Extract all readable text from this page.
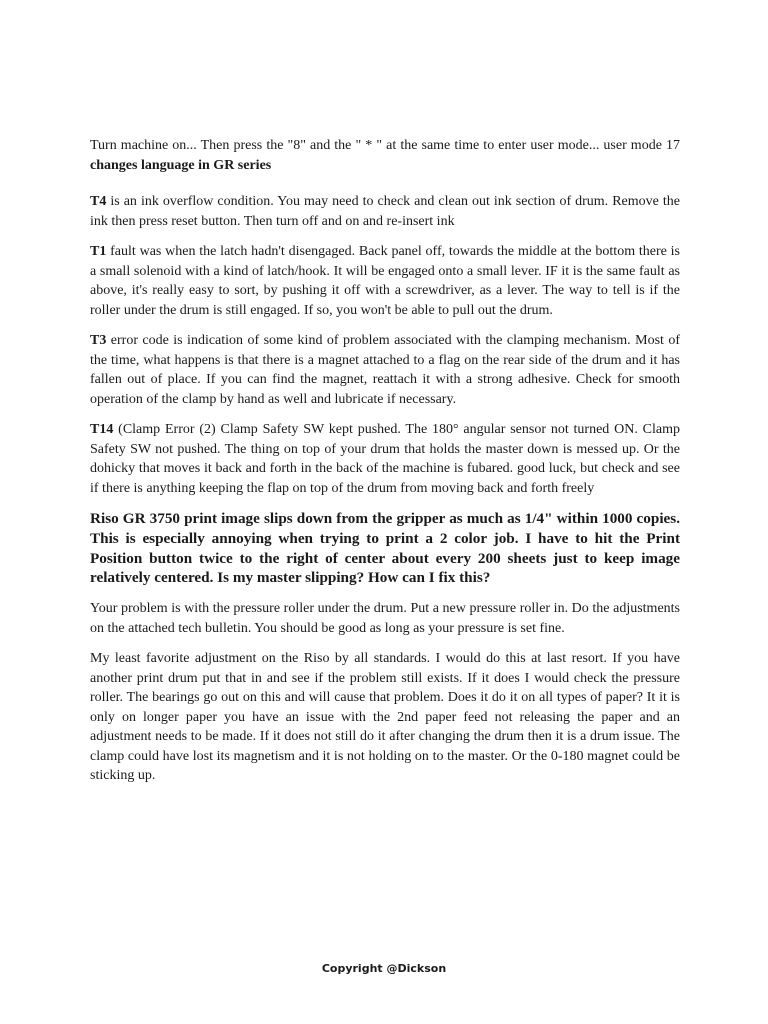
Turn machine on... Then press the "8" and the " * " at the same time to enter user mode... user mode 17 changes language in GR series

T4 is an ink overflow condition. You may need to check and clean out ink section of drum. Remove the ink then press reset button. Then turn off and on and re-insert ink

T1 fault was when the latch hadn't disengaged. Back panel off, towards the middle at the bottom there is a small solenoid with a kind of latch/hook. It will be engaged onto a small lever. IF it is the same fault as above, it's really easy to sort, by pushing it off with a screwdriver, as a lever. The way to tell is if the roller under the drum is still engaged. If so, you won't be able to pull out the drum.

T3 error code is indication of some kind of problem associated with the clamping mechanism. Most of the time, what happens is that there is a magnet attached to a flag on the rear side of the drum and it has fallen out of place. If you can find the magnet, reattach it with a strong adhesive. Check for smooth operation of the clamp by hand as well and lubricate if necessary.

T14 (Clamp Error (2) Clamp Safety SW kept pushed. The 180° angular sensor not turned ON. Clamp Safety SW not pushed. The thing on top of your drum that holds the master down is messed up. Or the dohicky that moves it back and forth in the back of the machine is fubared. good luck, but check and see if there is anything keeping the flap on top of the drum from moving back and forth freely

Riso GR 3750 print image slips down from the gripper as much as 1/4" within 1000 copies. This is especially annoying when trying to print a 2 color job. I have to hit the Print Position button twice to the right of center about every 200 sheets just to keep image relatively centered. Is my master slipping? How can I fix this?

Your problem is with the pressure roller under the drum. Put a new pressure roller in. Do the adjustments on the attached tech bulletin. You should be good as long as your pressure is set fine.

My least favorite adjustment on the Riso by all standards. I would do this at last resort. If you have another print drum put that in and see if the problem still exists. If it does I would check the pressure roller. The bearings go out on this and will cause that problem. Does it do it on all types of paper? It it is only on longer paper you have an issue with the 2nd paper feed not releasing the paper and an adjustment needs to be made. If it does not still do it after changing the drum then it is a drum issue. The clamp could have lost its magnetism and it is not holding on to the master. Or the 0-180 magnet could be sticking up.

Copyright @Dickson
